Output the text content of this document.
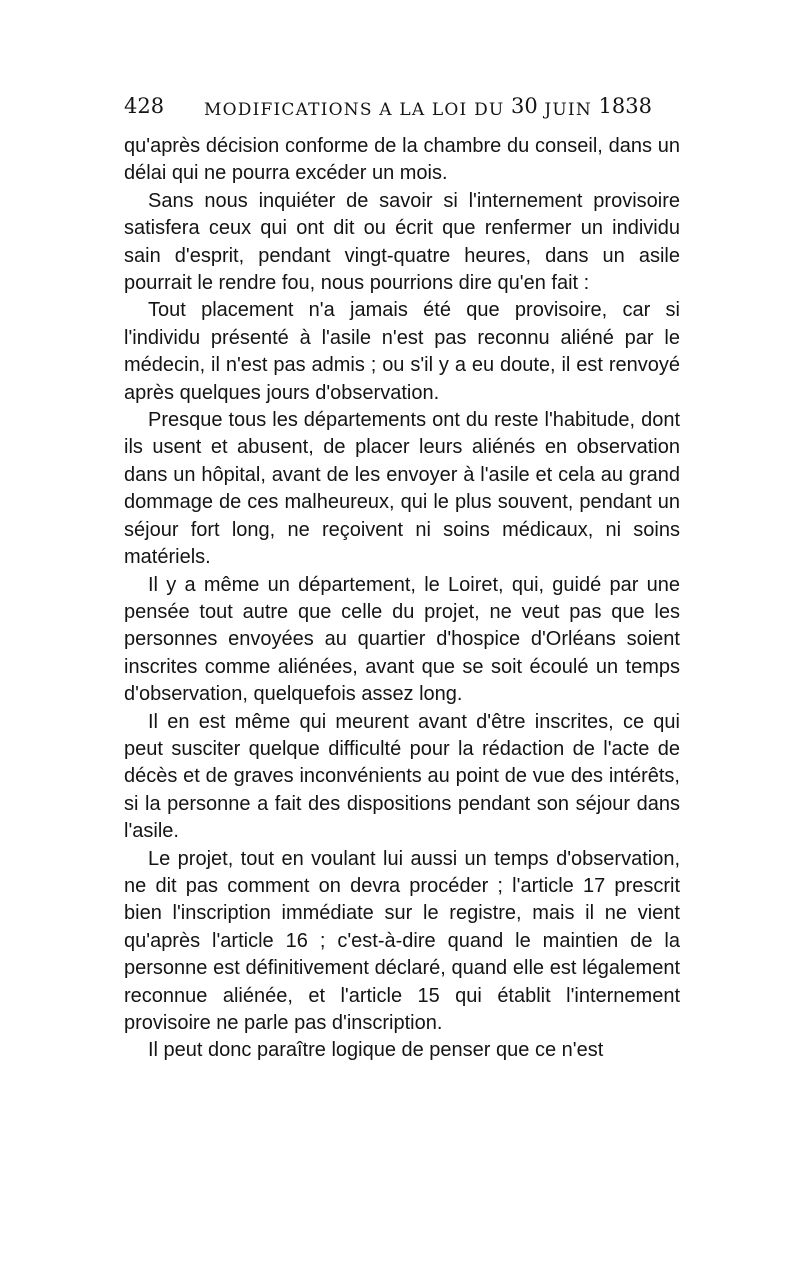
428 MODIFICATIONS A LA LOI DU 30 JUIN 1838

qu'après décision conforme de la chambre du conseil, dans un délai qui ne pourra excéder un mois.

Sans nous inquiéter de savoir si l'internement provisoire satisfera ceux qui ont dit ou écrit que renfermer un individu sain d'esprit, pendant vingt-quatre heures, dans un asile pourrait le rendre fou, nous pourrions dire qu'en fait :

Tout placement n'a jamais été que provisoire, car si l'individu présenté à l'asile n'est pas reconnu aliéné par le médecin, il n'est pas admis ; ou s'il y a eu doute, il est renvoyé après quelques jours d'observation.

Presque tous les départements ont du reste l'habitude, dont ils usent et abusent, de placer leurs aliénés en observation dans un hôpital, avant de les envoyer à l'asile et cela au grand dommage de ces malheureux, qui le plus souvent, pendant un séjour fort long, ne reçoivent ni soins médicaux, ni soins matériels.

Il y a même un département, le Loiret, qui, guidé par une pensée tout autre que celle du projet, ne veut pas que les personnes envoyées au quartier d'hospice d'Orléans soient inscrites comme aliénées, avant que se soit écoulé un temps d'observation, quelquefois assez long.

Il en est même qui meurent avant d'être inscrites, ce qui peut susciter quelque difficulté pour la rédaction de l'acte de décès et de graves inconvénients au point de vue des intérêts, si la personne a fait des dispositions pendant son séjour dans l'asile.

Le projet, tout en voulant lui aussi un temps d'observation, ne dit pas comment on devra procéder ; l'article 17 prescrit bien l'inscription immédiate sur le registre, mais il ne vient qu'après l'article 16 ; c'est-à-dire quand le maintien de la personne est définitivement déclaré, quand elle est légalement reconnue aliénée, et l'article 15 qui établit l'internement provisoire ne parle pas d'inscription.

Il peut donc paraître logique de penser que ce n'est
